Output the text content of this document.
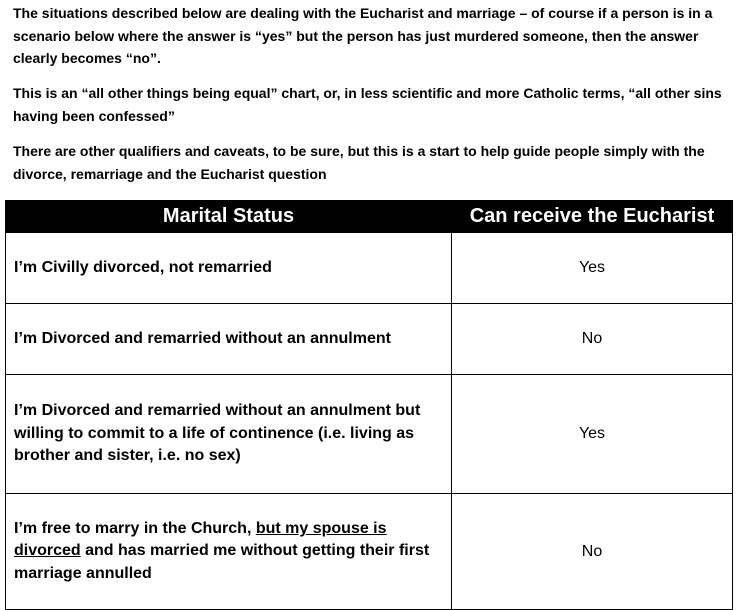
The situations described below are dealing with the Eucharist and marriage – of course if a person is in a scenario below where the answer is “yes” but the person has just murdered someone, then the answer clearly becomes “no”.

This is an “all other things being equal” chart, or, in less scientific and more Catholic terms, “all other sins having been confessed”

There are other qualifiers and caveats, to be sure, but this is a start to help guide people simply with the divorce, remarriage and the Eucharist question

Marital Status	Can receive the Eucharist
I’m Civilly divorced, not remarried	Yes
I’m Divorced and remarried without an annulment	No
I’m Divorced and remarried without an annulment but willing to commit to a life of continence (i.e. living as brother and sister, i.e. no sex)	Yes
I’m free to marry in the Church, but my spouse is divorced and has married me without getting their first marriage annulled	No
